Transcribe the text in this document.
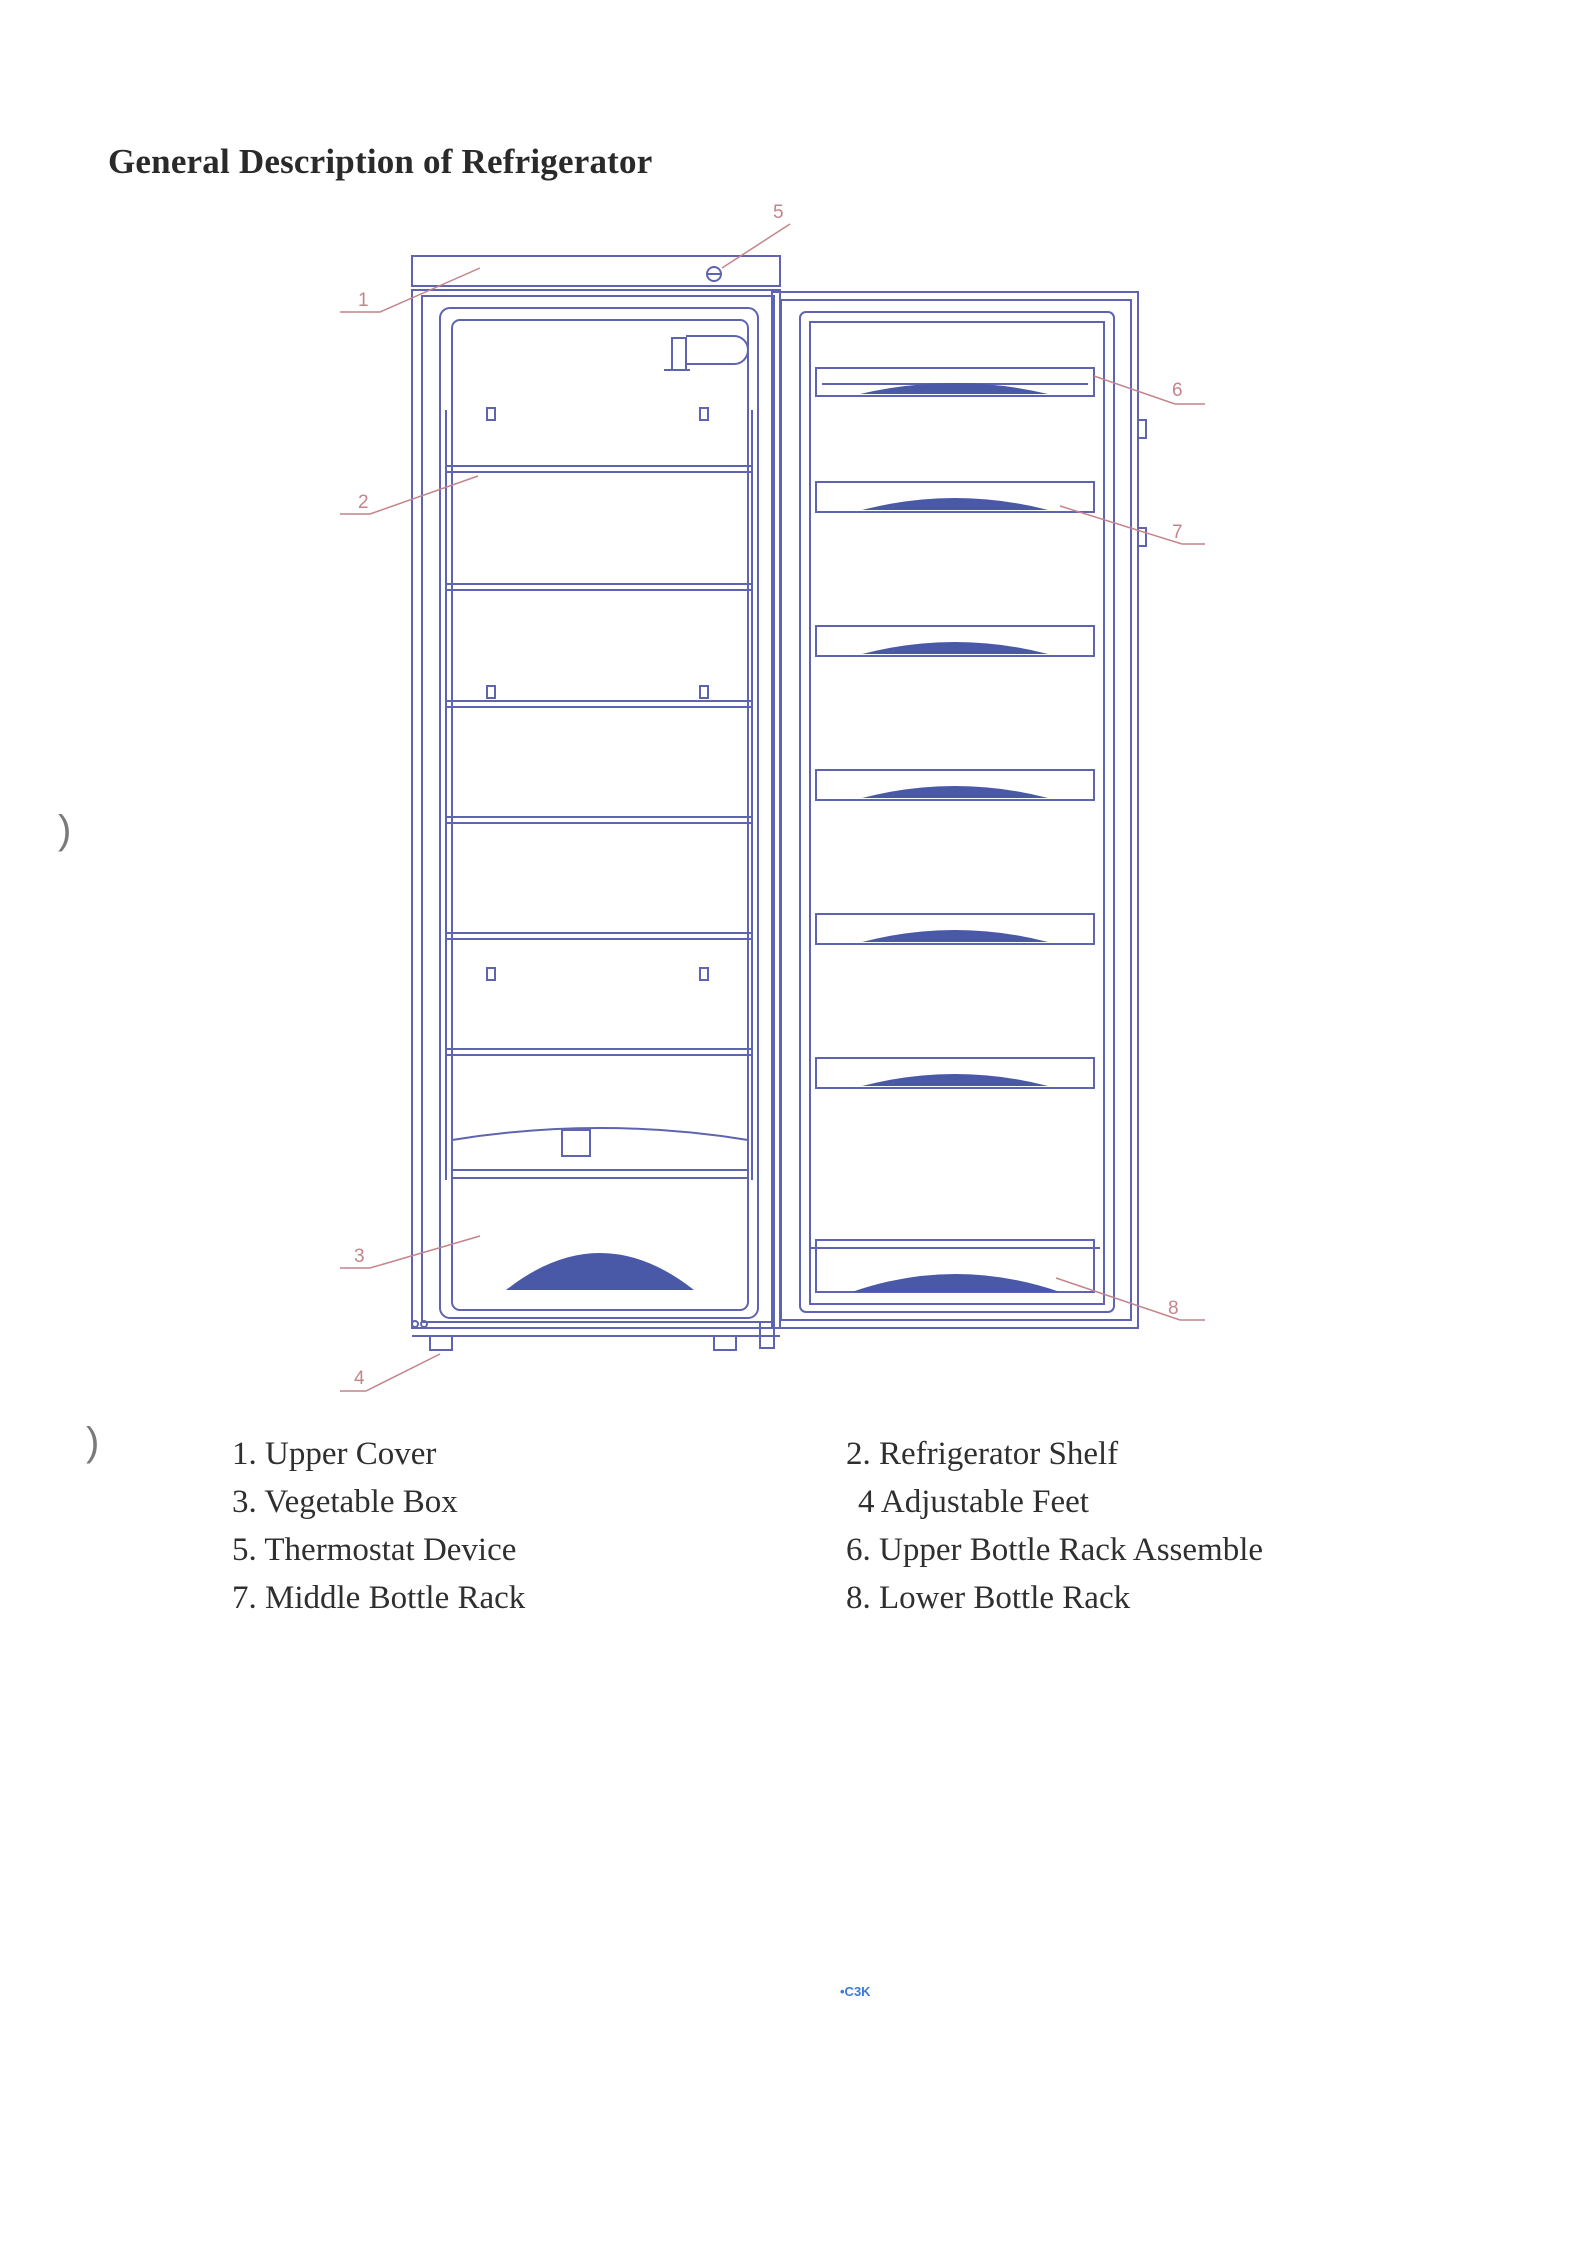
)
)
General Description of Refrigerator
1
2
3
4
5
6
7
8
1. Upper Cover	2. Refrigerator Shelf
3. Vegetable Box	4 Adjustable Feet
5. Thermostat Device	6. Upper Bottle Rack Assemble
7. Middle Bottle Rack	8. Lower Bottle Rack
•C3K
